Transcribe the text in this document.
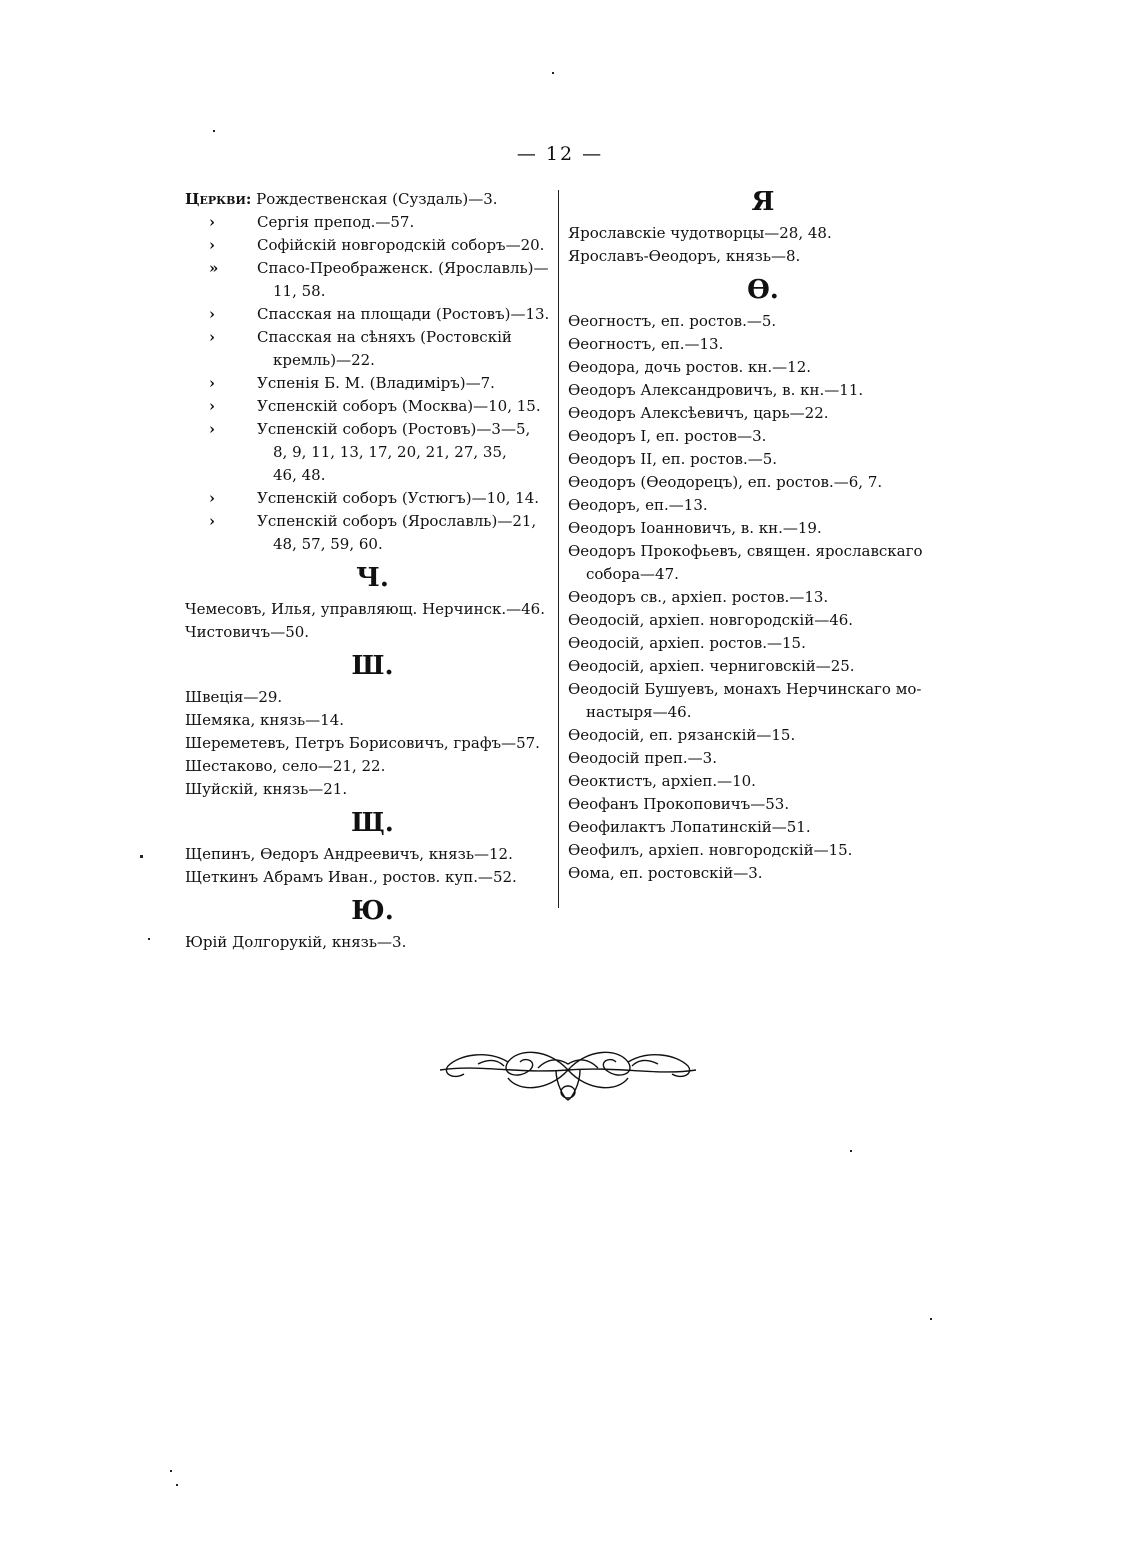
— 12 —
Церкви: Рождественская (Суздаль)—3.
›	Сергія препод.—57.
›	Софійскій новгородскій соборъ—20.
»	Спасо-Преображенск. (Ярославль)—
11, 58.
›	Спасская на площади (Ростовъ)—13.
›	Спасская на сѣняхъ (Ростовскій
кремль)—22.
›	Успенія Б. М. (Владиміръ)—7.
›	Успенскій соборъ (Москва)—10, 15.
›	Успенскій соборъ (Ростовъ)—3—5,
8, 9, 11, 13, 17, 20, 21, 27, 35,
46, 48.
›	Успенскій соборъ (Устюгъ)—10, 14.
›	Успенскій соборъ (Ярославль)—21,
48, 57, 59, 60.
Ч.
Чемесовъ, Илья, управляющ. Нерчинск.—46.
Чистовичъ—50.
Ш.
Швеція—29.
Шемяка, князь—14.
Шереметевъ, Петръ Борисовичъ, графъ—57.
Шестаково, село—21, 22.
Шуйскій, князь—21.
Щ.
Щепинъ, Ѳедоръ Андреевичъ, князь—12.
Щеткинъ Абрамъ Иван., ростов. куп.—52.
Ю.
Юрій Долгорукій, князь—3.
Я
Ярославскіе чудотворцы—28, 48.
Ярославъ-Ѳеодоръ, князь—8.
Ѳ.
Ѳеогностъ, еп. ростов.—5.
Ѳеогностъ, еп.—13.
Ѳеодора, дочь ростов. кн.—12.
Ѳеодоръ Александровичъ, в. кн.—11.
Ѳеодоръ Алексѣевичъ, царь—22.
Ѳеодоръ I, еп. ростов—3.
Ѳеодоръ II, еп. ростов.—5.
Ѳеодоръ (Ѳеодорецъ), еп. ростов.—6, 7.
Ѳеодоръ, еп.—13.
Ѳеодоръ Іоанновичъ, в. кн.—19.
Ѳеодоръ Прокофьевъ, священ. ярославскаго
собора—47.
Ѳеодоръ св., архіеп. ростов.—13.
Ѳеодосій, архіеп. новгородскій—46.
Ѳеодосій, архіеп. ростов.—15.
Ѳеодосій, архіеп. черниговскій—25.
Ѳеодосій Бушуевъ, монахъ Нерчинскаго мо-
настыря—46.
Ѳеодосій, еп. рязанскій—15.
Ѳеодосій преп.—3.
Ѳеоктистъ, архіеп.—10.
Ѳеофанъ Прокоповичъ—53.
Ѳеофилактъ Лопатинскій—51.
Ѳеофилъ, архіеп. новгородскій—15.
Ѳома, еп. ростовскій—3.
